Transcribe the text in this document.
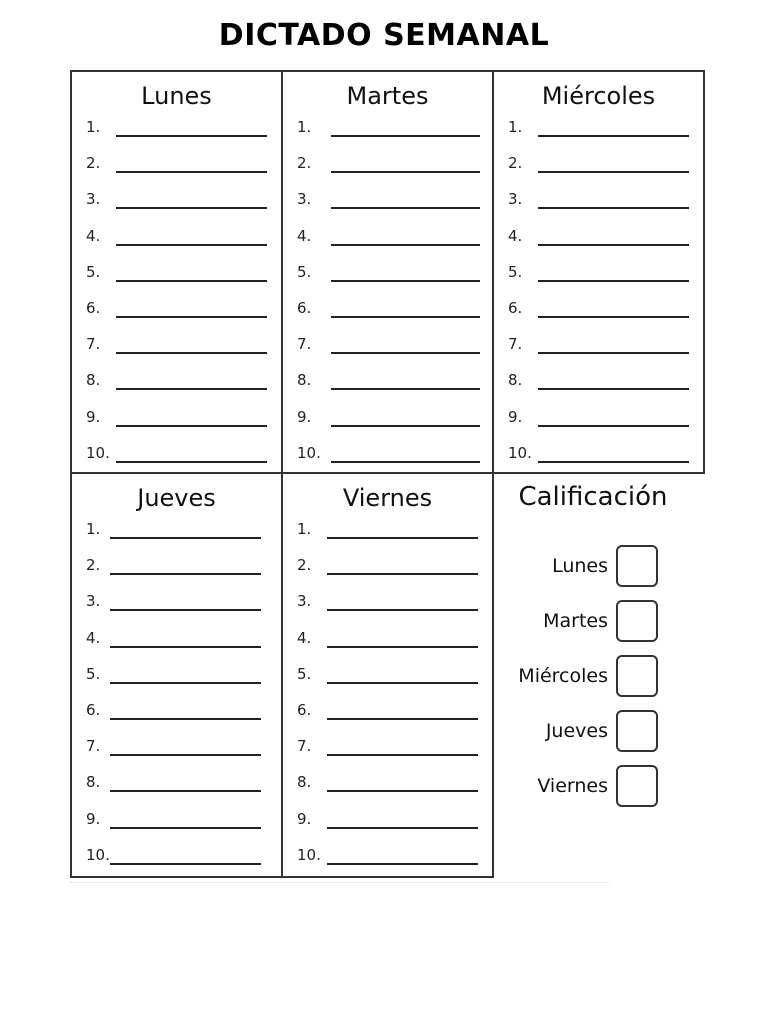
DICTADO SEMANAL
Lunes
1.
2.
3.
4.
5.
6.
7.
8.
9.
10.
Martes
1.
2.
3.
4.
5.
6.
7.
8.
9.
10.
Miércoles
1.
2.
3.
4.
5.
6.
7.
8.
9.
10.
Jueves
1.
2.
3.
4.
5.
6.
7.
8.
9.
10.
Viernes
1.
2.
3.
4.
5.
6.
7.
8.
9.
10.
Calificación
Lunes
Martes
Miércoles
Jueves
Viernes
